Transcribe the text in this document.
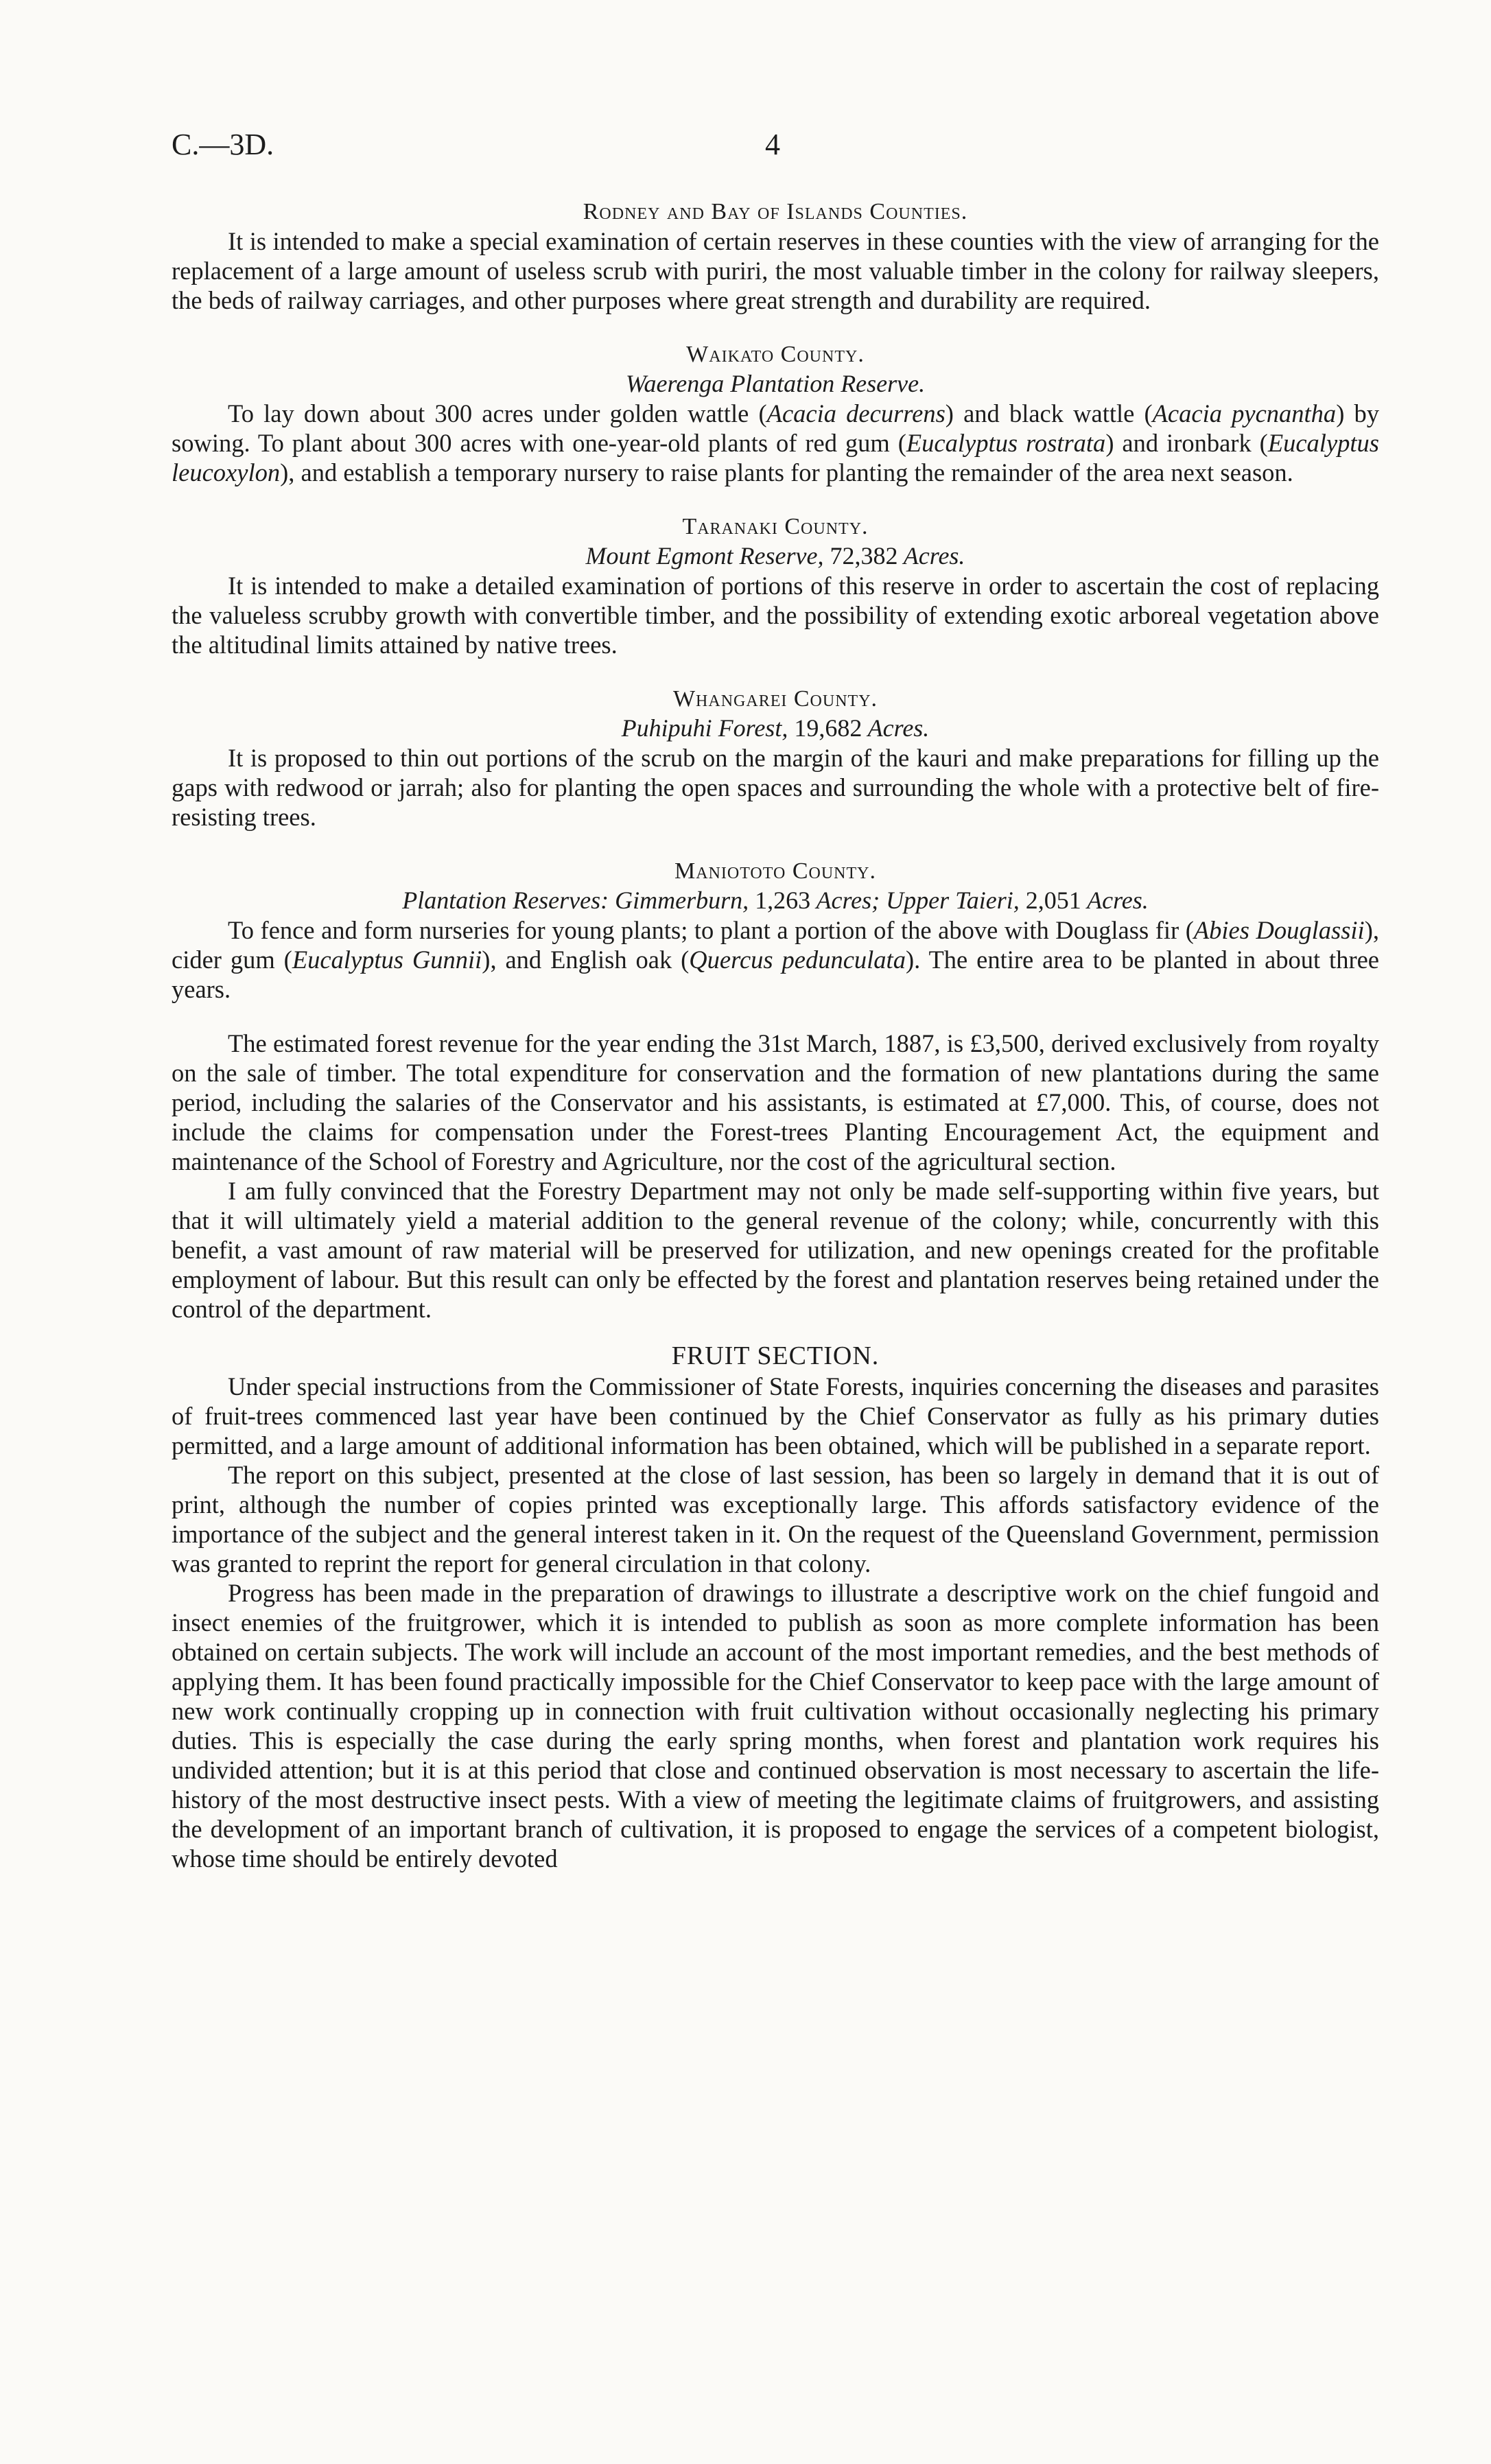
C.—3D.	4

Rodney and Bay of Islands Counties.

It is intended to make a special examination of certain reserves in these counties with the view of arranging for the replacement of a large amount of useless scrub with puriri, the most valuable timber in the colony for railway sleepers, the beds of railway carriages, and other purposes where great strength and durability are required.

Waikato County.

Waerenga Plantation Reserve.

To lay down about 300 acres under golden wattle (Acacia decurrens) and black wattle (Acacia pycnantha) by sowing. To plant about 300 acres with one-year-old plants of red gum (Eucalyptus rostrata) and ironbark (Eucalyptus leucoxylon), and establish a temporary nursery to raise plants for planting the remainder of the area next season.

Taranaki County.

Mount Egmont Reserve, 72,382 Acres.

It is intended to make a detailed examination of portions of this reserve in order to ascertain the cost of replacing the valueless scrubby growth with convertible timber, and the possibility of extending exotic arboreal vegetation above the altitudinal limits attained by native trees.

Whangarei County.

Puhipuhi Forest, 19,682 Acres.

It is proposed to thin out portions of the scrub on the margin of the kauri and make preparations for filling up the gaps with redwood or jarrah; also for planting the open spaces and surrounding the whole with a protective belt of fire-resisting trees.

Maniototo County.

Plantation Reserves: Gimmerburn, 1,263 Acres; Upper Taieri, 2,051 Acres.

To fence and form nurseries for young plants; to plant a portion of the above with Douglass fir (Abies Douglassii), cider gum (Eucalyptus Gunnii), and English oak (Quercus pedunculata). The entire area to be planted in about three years.

The estimated forest revenue for the year ending the 31st March, 1887, is £3,500, derived exclusively from royalty on the sale of timber. The total expenditure for conservation and the formation of new plantations during the same period, including the salaries of the Conservator and his assistants, is estimated at £7,000. This, of course, does not include the claims for compensation under the Forest-trees Planting Encouragement Act, the equipment and maintenance of the School of Forestry and Agriculture, nor the cost of the agricultural section.

I am fully convinced that the Forestry Department may not only be made self-supporting within five years, but that it will ultimately yield a material addition to the general revenue of the colony; while, concurrently with this benefit, a vast amount of raw material will be preserved for utilization, and new openings created for the profitable employment of labour. But this result can only be effected by the forest and plantation reserves being retained under the control of the department.

FRUIT SECTION.

Under special instructions from the Commissioner of State Forests, inquiries concerning the diseases and parasites of fruit-trees commenced last year have been continued by the Chief Conservator as fully as his primary duties permitted, and a large amount of additional information has been obtained, which will be published in a separate report.

The report on this subject, presented at the close of last session, has been so largely in demand that it is out of print, although the number of copies printed was exceptionally large. This affords satisfactory evidence of the importance of the subject and the general interest taken in it. On the request of the Queensland Government, permission was granted to reprint the report for general circulation in that colony.

Progress has been made in the preparation of drawings to illustrate a descriptive work on the chief fungoid and insect enemies of the fruitgrower, which it is intended to publish as soon as more complete information has been obtained on certain subjects. The work will include an account of the most important remedies, and the best methods of applying them. It has been found practically impossible for the Chief Conservator to keep pace with the large amount of new work continually cropping up in connection with fruit cultivation without occasionally neglecting his primary duties. This is especially the case during the early spring months, when forest and plantation work requires his undivided attention; but it is at this period that close and continued observation is most necessary to ascertain the life-history of the most destructive insect pests. With a view of meeting the legitimate claims of fruitgrowers, and assisting the development of an important branch of cultivation, it is proposed to engage the services of a competent biologist, whose time should be entirely devoted
